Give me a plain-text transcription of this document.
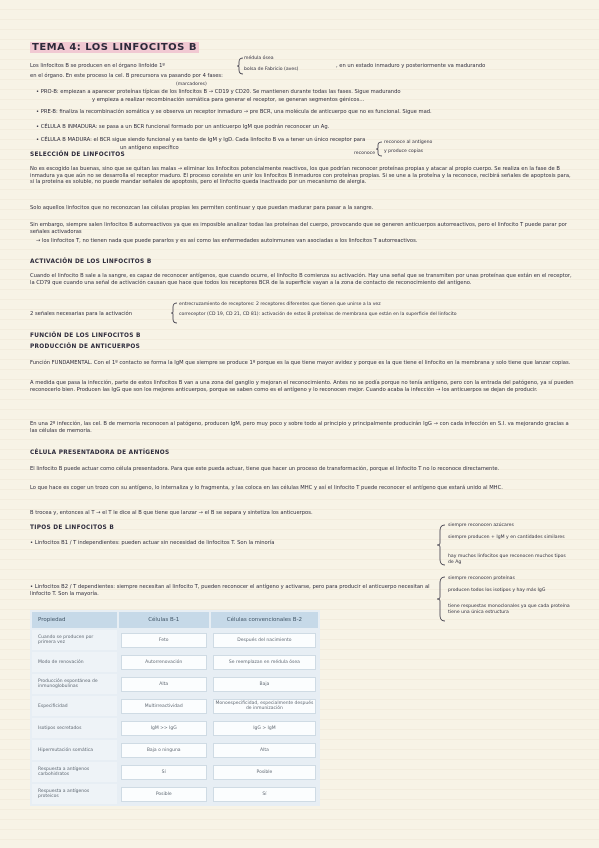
TEMA 4: LOS LINFOCITOS B
Los linfocitos B se producen en el órgano linfoide 1º
médula ósea
bolsa de Fabricio (aves)
, en un estado inmaduro y posteriormente va madurando
en el órgano. En este proceso la cel. B precursora va pasando por 4 fases:
(marcadores)
• PRO-B: empiezan a aparecer proteínas típicas de los linfocitos B → CD19 y CD20. Se mantienen durante todas las fases. Sigue madurando
y empieza a realizar recombinación somática para generar el receptor, se generan segmentos génicos...
• PRE-B: finaliza la recombinación somática y se observa un receptor inmaduro → pre BCR, una molécula de anticuerpo que no es funcional. Sigue mad.
• CÉLULA B INMADURA: se pasa a un BCR funcional formado por un anticuerpo IgM que podrán reconocer un Ag.
• CÉLULA B MADURA: el BCR sigue siendo funcional y es tanto de IgM y IgD. Cada linfocito B va a tener un único receptor para
un antígeno específico
reconoce
reconoce al antígeno
y produce copias
SELECCIÓN DE LINFOCITOS
No es escogido las buenas, sino que se quitan las malas → eliminar los linfocitos potencialmente reactivos, los que podrían reconocer proteínas propias y atacar al propio cuerpo. Se realiza en la fase de B inmadura ya que aún no se desarrolla el receptor maduro. El proceso consiste en unir los linfocitos B inmaduros con proteínas propias. Si se une a la proteína y la reconoce, recibirá señales de apoptosis para, si la proteína es soluble, no puede mandar señales de apoptosis, pero el linfocito queda inactivado por un mecanismo de alergia.
Solo aquellos linfocitos que no reconozcan las células propias les permiten continuar y que puedan madurar para pasar a la sangre.
Sin embargo, siempre salen linfocitos B autorreactivos ya que es imposible analizar todas las proteínas del cuerpo, provocando que se generen anticuerpos autorreactivos, pero el linfocito T puede parar por señales activadoras
→ los linfocitos T, no tienen nada que puede pararlos y es así como las enfermedades autoinmunes van asociadas a los linfocitos T autorreactivos.
ACTIVACIÓN DE LOS LINFOCITOS B
Cuando el linfocito B sale a la sangre, es capaz de reconocer antígenos, que cuando ocurre, el linfocito B comienza su activación. Hay una señal que se transmiten por unas proteínas que están en el receptor, la CD79 que cuando una señal de activación causan que hace que todos los receptores BCR de la superficie vayan a la zona de contacto de reconocimiento del antígeno.
2 señales necesarias para la activación
entrecruzamiento de receptores: 2 receptores diferentes que tienen que unirse a la vez
correceptor (CD 19, CD 21, CD 81): activación de estos B proteínas de membrana que están en la superficie del linfocito
FUNCIÓN DE LOS LINFOCITOS B
PRODUCCIÓN DE ANTICUERPOS
Función FUNDAMENTAL. Con el 1º contacto se forma la IgM que siempre se produce 1º porque es la que tiene mayor avidez y porque es la que tiene el linfocito en la membrana y solo tiene que lanzar copias.
A medida que pasa la infección, parte de estos linfocitos B van a una zona del ganglio y mejoran el reconocimiento. Antes no se podía porque no tenía antígeno, pero con la entrada del patógeno, ya sí pueden reconocerlo bien. Producen las IgG que son los mejores anticuerpos, porque se saben como es el antígeno y lo reconocen mejor. Cuando acaba la infección → los anticuerpos se dejan de producir.
En una 2º infección, las cel. B de memoria reconocen al patógeno, producen IgM, pero muy poco y sobre todo al principio y principalmente producirán IgG → con cada infección en S.I. va mejorando gracias a las células de memoria.
CÉLULA PRESENTADORA DE ANTÍGENOS
El linfocito B puede actuar como célula presentadora. Para que este pueda actuar, tiene que hacer un proceso de transformación, porque el linfocito T no lo reconoce directamente.
Lo que hace es coger un trozo con su antígeno, lo internaliza y lo fragmenta, y las coloca en las células MHC y así el linfocito T puede reconocer el antígeno que estará unido al MHC.
B trocea y, entonces al T → el T le dice al B que tiene que lanzar → el B se separa y sintetiza los anticuerpos.
TIPOS DE LINFOCITOS B
• Linfocitos B1 / T independientes: pueden actuar sin necesidad de linfocitos T. Son la minoría
siempre reconocen azúcares
siempre producen + IgM y en cantidades similares
hay muchos linfocitos que reconocen muchos tipos de Ag
• Linfocitos B2 / T dependientes: siempre necesitan al linfocito T, pueden reconocer el antígeno y activarse, pero para producir el anticuerpo necesitan al linfocito T. Son la mayoría.
siempre reconocen proteínas
producen todos los isotipos y hay más IgG
tiene respuestas monoclonales ya que cada proteína tiene una única estructura
Propiedad	Células B-1	Células convencionales B-2
Cuando se producen por primera vez	Feto	Después del nacimiento

Modo de renovación	Autorrenovación	Se reemplazan en médula ósea

Producción espontánea de inmunoglobulinas	Alta	Baja

Especificidad	Multirreactividad	Monoespecificidad, especialmente después de inmunización

Isotipos secretados	IgM >> IgG	IgG > IgM

Hipermutación somática	Baja o ninguna	Alta

Respuesta a antígenos carbohidratos	Sí	Posible

Respuesta a antígenos proteicos	Posible	Sí
